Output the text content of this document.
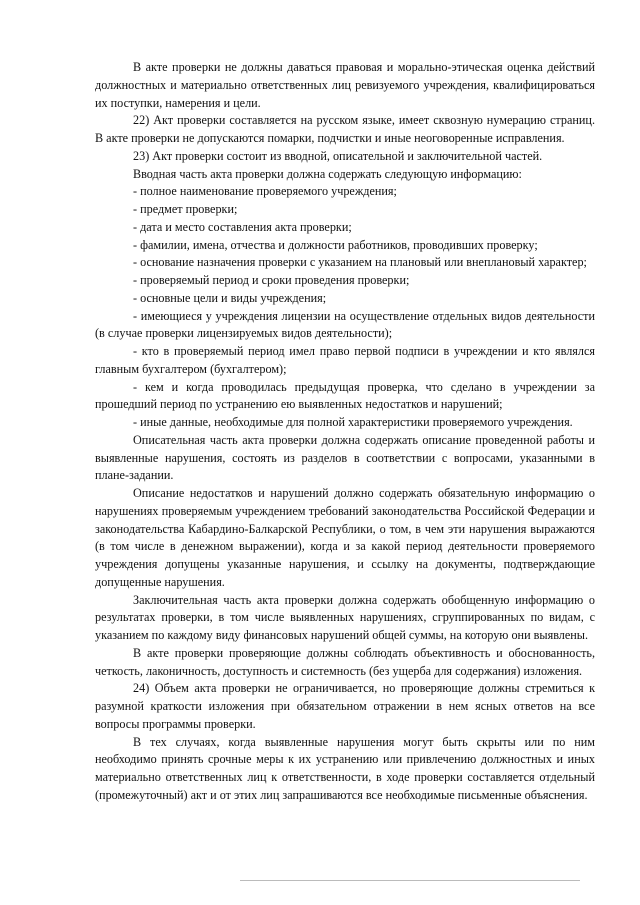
В акте проверки не должны даваться правовая и морально-этическая оценка действий должностных и материально ответственных лиц ревизуемого учреждения, квалифицироваться их поступки, намерения и цели.

22) Акт проверки составляется на русском языке, имеет сквозную нумерацию страниц. В акте проверки не допускаются помарки, подчистки и иные неоговоренные исправления.

23) Акт проверки состоит из вводной, описательной и заключительной частей.

Вводная часть акта проверки должна содержать следующую информацию:

- полное наименование проверяемого учреждения;

- предмет проверки;

- дата и место составления акта проверки;

- фамилии, имена, отчества и должности работников, проводивших проверку;

- основание назначения проверки с указанием на плановый или внеплановый характер;

- проверяемый период и сроки проведения проверки;

- основные цели и виды учреждения;

- имеющиеся у учреждения лицензии на осуществление отдельных видов деятельности (в случае проверки лицензируемых видов деятельности);

- кто в проверяемый период имел право первой подписи в учреждении и кто являлся главным бухгалтером (бухгалтером);

- кем и когда проводилась предыдущая проверка, что сделано в учреждении за прошедший период по устранению ею выявленных недостатков и нарушений;

- иные данные, необходимые для полной характеристики проверяемого учреждения.

Описательная часть акта проверки должна содержать описание проведенной работы и выявленные нарушения, состоять из разделов в соответствии с вопросами, указанными в плане-задании.

Описание недостатков и нарушений должно содержать обязательную информацию о нарушениях проверяемым учреждением требований законодательства Российской Федерации и законодательства Кабардино-Балкарской Республики, о том, в чем эти нарушения выражаются (в том числе в денежном выражении), когда и за какой период деятельности проверяемого учреждения допущены указанные нарушения, и ссылку на документы, подтверждающие допущенные нарушения.

Заключительная часть акта проверки должна содержать обобщенную информацию о результатах проверки, в том числе выявленных нарушениях, сгруппированных по видам, с указанием по каждому виду финансовых нарушений общей суммы, на которую они выявлены.

В акте проверки проверяющие должны соблюдать объективность и обоснованность, четкость, лаконичность, доступность и системность (без ущерба для содержания) изложения.

24) Объем акта проверки не ограничивается, но проверяющие должны стремиться к разумной краткости изложения при обязательном отражении в нем ясных ответов на все вопросы программы проверки.

В тех случаях, когда выявленные нарушения могут быть скрыты или по ним необходимо принять срочные меры к их устранению или привлечению должностных и иных материально ответственных лиц к ответственности, в ходе проверки составляется отдельный (промежуточный) акт и от этих лиц запрашиваются все необходимые письменные объяснения.
